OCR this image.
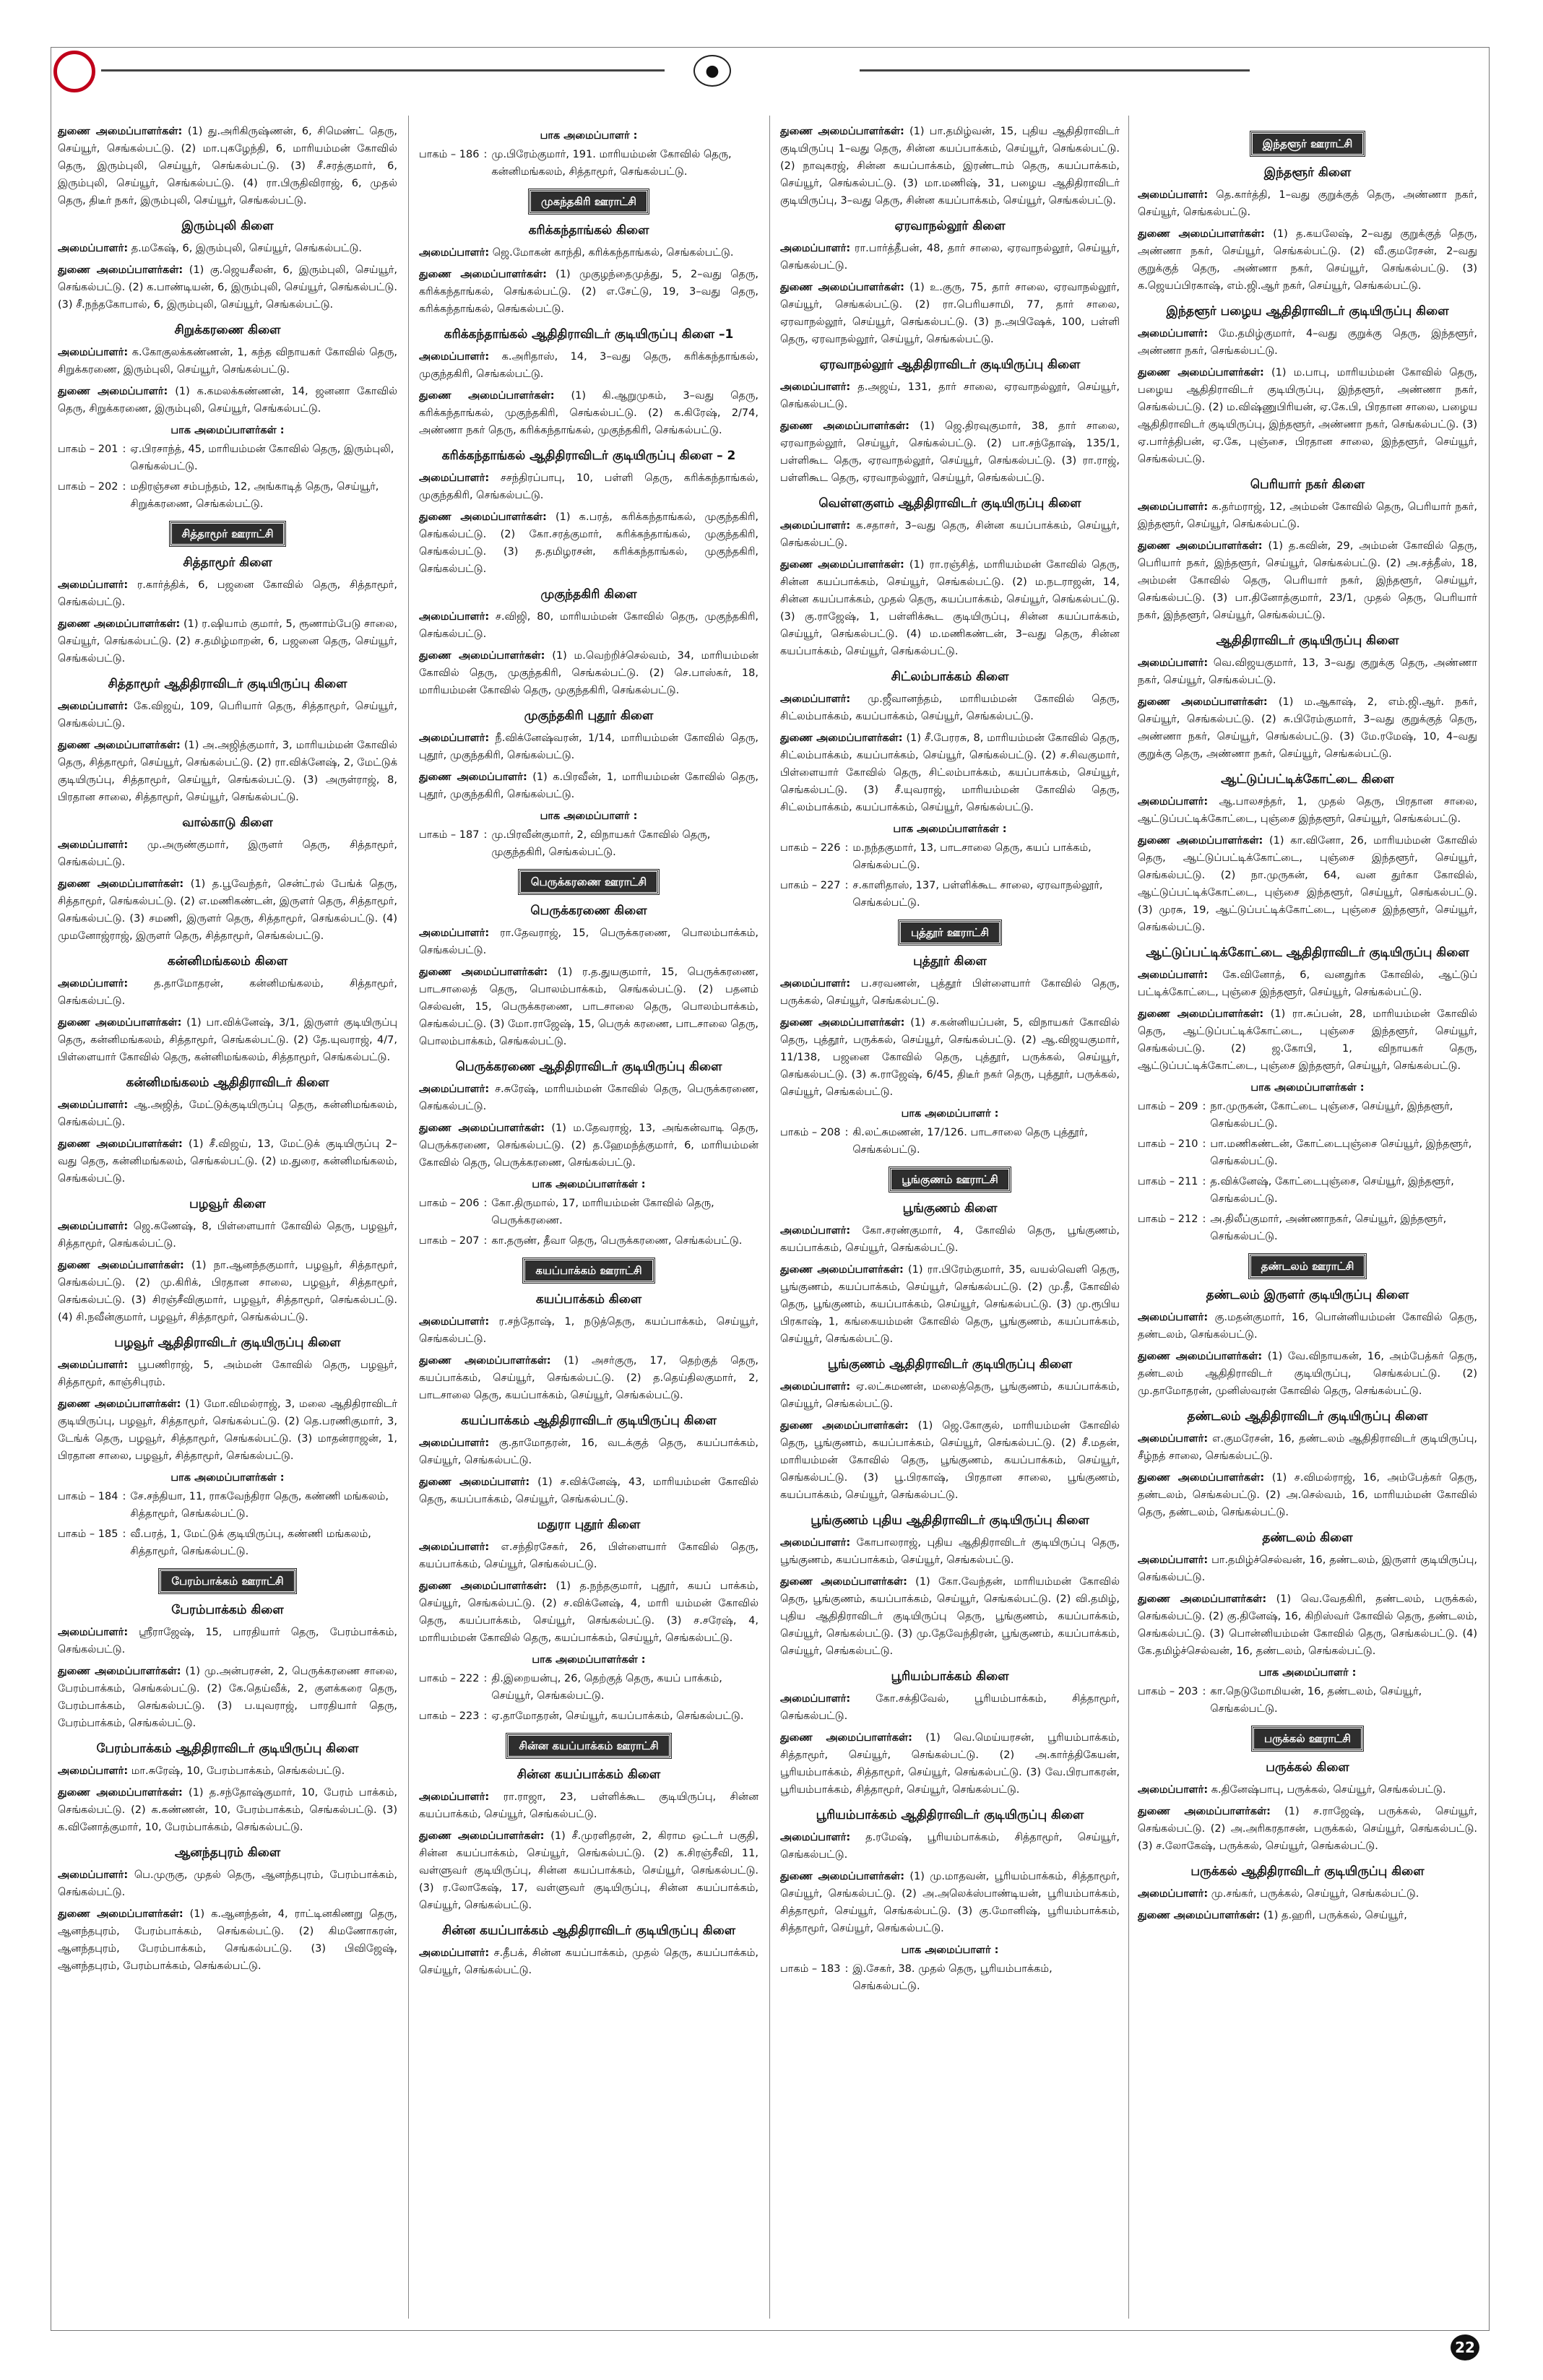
●
துணை அமைப்பாளர்கள்: (1) து.அரிகிருஷ்ணன், 6, சிமெண்ட் தெரு, செய்யூர், செங்கல்பட்டு. (2) மா.புகழேந்தி, 6, மாரியம்மன் கோவில் தெரு, இரும்புலி, செய்யூர், செங்கல்பட்டு. (3) சீ.சரத்குமார், 6, இரும்புலி, செய்யூர், செங்கல்பட்டு. (4) ரா.பிருதிவிராஜ், 6, முதல் தெரு, திடீர் நகர், இரும்புலி, செய்யூர், செங்கல்பட்டு.
இரும்புலி கிளை
அமைப்பாளர்: த.மகேஷ், 6, இரும்புலி, செய்யூர், செங்கல்பட்டு.
துணை அமைப்பாளர்கள்: (1) கு.ஜெயசீலன், 6, இரும்புலி, செய்யூர், செங்கல்பட்டு. (2) க.பாண்டியன், 6, இரும்புலி, செய்யூர், செங்கல்பட்டு. (3) சீ.நந்தகோபால், 6, இரும்புலி, செய்யூர், செங்கல்பட்டு.
சிறுக்கரணை கிளை
அமைப்பாளர்: க.கோகுலக்கண்ணன், 1, கந்த விநாயகர் கோவில் தெரு, சிறுக்கரணை, இரும்புலி, செய்யூர், செங்கல்பட்டு.
துணை அமைப்பாளர்: (1) க.கமலக்கண்ணன், 14, ஜனனா கோவில் தெரு, சிறுக்கரணை, இரும்புலி, செய்யூர், செங்கல்பட்டு.
பாக அமைப்பாளர்கள் :
பாகம் – 201 : ஏ.பிரசாந்த், 45, மாரியம்மன் கோவில் தெரு, இரும்புலி, செங்கல்பட்டு.
பாகம் – 202 : மதிரஞ்சன சம்பந்தம், 12, அங்காடித் தெரு, செய்யூர், சிறுக்கரணை, செங்கல்பட்டு.
சித்தாமூர் ஊராட்சி
சித்தாமூர் கிளை
அமைப்பாளர்: ர.கார்த்திக், 6, பஜனை கோவில் தெரு, சித்தாமூர், செங்கல்பட்டு.
துணை அமைப்பாளர்கள்: (1) ர.ஷியாம் குமார், 5, ரூணாம்பேடு சாலை, செய்யூர், செங்கல்பட்டு. (2) ச.தமிழ்மாறன், 6, பஜனை தெரு, செய்யூர், செங்கல்பட்டு.
சித்தாமூர் ஆதிதிராவிடர் குடியிருப்பு கிளை
அமைப்பாளர்: கே.விஜய், 109, பெரியார் தெரு, சித்தாமூர், செய்யூர், செங்கல்பட்டு.
துணை அமைப்பாளர்கள்: (1) அ.அஜித்குமார், 3, மாரியம்மன் கோவில் தெரு, சித்தாமூர், செய்யூர், செங்கல்பட்டு. (2) ரா.விக்னேஷ், 2, மேட்டுக் குடியிருப்பு, சித்தாமூர், செய்யூர், செங்கல்பட்டு. (3) அருள்ராஜ், 8, பிரதான சாலை, சித்தாமூர், செய்யூர், செங்கல்பட்டு.
வால்காடு கிளை
அமைப்பாளர்: மு.அருண்குமார், இருளர் தெரு, சித்தாமூர், செங்கல்பட்டு.
துணை அமைப்பாளர்கள்: (1) த.பூவேந்தர், சென்ட்ரல் பேங்க் தெரு, சித்தாமூர், செங்கல்பட்டு. (2) எ.மணிகண்டன், இருளர் தெரு, சித்தாமூர், செங்கல்பட்டு. (3) சமணி, இருளர் தெரு, சித்தாமூர், செங்கல்பட்டு. (4) முமனோஜ்ராஜ், இருளர் தெரு, சித்தாமூர், செங்கல்பட்டு.
கன்னிமங்கலம் கிளை
அமைப்பாளர்: த.தாமோதரன், கன்னிமங்கலம், சித்தாமூர், செங்கல்பட்டு.
துணை அமைப்பாளர்கள்: (1) பா.விக்னேஷ், 3/1, இருளர் குடியிருப்பு தெரு, கன்னிமங்கலம், சித்தாமூர், செங்கல்பட்டு. (2) தே.யுவராஜ், 4/7, பிள்ளையார் கோவில் தெரு, கன்னிமங்கலம், சித்தாமூர், செங்கல்பட்டு.
கன்னிமங்கலம் ஆதிதிராவிடர் கிளை
அமைப்பாளர்: ஆ.அஜித், மேட்டுக்குடியிருப்பு தெரு, கன்னிமங்கலம், செங்கல்பட்டு.
துணை அமைப்பாளர்கள்: (1) சீ.விஜய், 13, மேட்டுக் குடியிருப்பு 2–வது தெரு, கன்னிமங்கலம், செங்கல்பட்டு. (2) ம.துரை, கன்னிமங்கலம், செங்கல்பட்டு.
பழவூர் கிளை
அமைப்பாளர்: ஜெ.கணேஷ், 8, பிள்ளையார் கோவில் தெரு, பழவூர், சித்தாமூர், செங்கல்பட்டு.
துணை அமைப்பாளர்கள்: (1) நா.ஆனந்தகுமார், பழவூர், சித்தாமூர், செங்கல்பட்டு. (2) மு.கிரிக், பிரதான சாலை, பழவூர், சித்தாமூர், செங்கல்பட்டு. (3) சிரஞ்சீவிகுமார், பழவூர், சித்தாமூர், செங்கல்பட்டு. (4) சி.நவீன்குமார், பழவூர், சித்தாமூர், செங்கல்பட்டு.
பழவூர் ஆதிதிராவிடர் குடியிருப்பு கிளை
அமைப்பாளர்: பூபணிராஜ், 5, அம்மன் கோவில் தெரு, பழவூர், சித்தாமூர், காஞ்சிபுரம்.
துணை அமைப்பாளர்கள்: (1) மோ.விமல்ராஜ், 3, மலை ஆதிதிராவிடர் குடியிருப்பு, பழவூர், சித்தாமூர், செங்கல்பட்டு. (2) தெ.பரணிகுமார், 3, டேங்க் தெரு, பழவூர், சித்தாமூர், செங்கல்பட்டு. (3) மாதன்ராஜன், 1, பிரதான சாலை, பழவூர், சித்தாமூர், செங்கல்பட்டு.
பாக அமைப்பாளர்கள் :
பாகம் – 184 : சே.சந்தியா, 11, ராகவேந்திரா தெரு, கண்ணி மங்கலம், சித்தாமூர், செங்கல்பட்டு.
பாகம் – 185 : வீ.பரத், 1, மேட்டுக் குடியிருப்பு, கண்ணி மங்கலம், சித்தாமூர், செங்கல்பட்டு.
பேரம்பாக்கம் ஊராட்சி
பேரம்பாக்கம் கிளை
அமைப்பாளர்: ஸ்ரீராஜேஷ், 15, பாரதியார் தெரு, பேரம்பாக்கம், செங்கல்பட்டு.
துணை அமைப்பாளர்கள்: (1) மு.அன்பரசன், 2, பெருக்கரணை சாலை, பேரம்பாக்கம், செங்கல்பட்டு. (2) கே.தெய்வீக், 2, குளக்கரை தெரு, பேரம்பாக்கம், செங்கல்பட்டு. (3) ப.யுவராஜ், பாரதியார் தெரு, பேரம்பாக்கம், செங்கல்பட்டு.
பேரம்பாக்கம் ஆதிதிராவிடர் குடியிருப்பு கிளை
அமைப்பாளர்: மா.சுரேஷ், 10, பேரம்பாக்கம், செங்கல்பட்டு.
துணை அமைப்பாளர்கள்: (1) த.சந்தோஷ்குமார், 10, பேரம் பாக்கம், செங்கல்பட்டு. (2) க.கண்ணன், 10, பேரம்பாக்கம், செங்கல்பட்டு. (3) க.வினோத்குமார், 10, பேரம்பாக்கம், செங்கல்பட்டு.
ஆனந்தபுரம் கிளை
அமைப்பாளர்: பெ.முருகு, முதல் தெரு, ஆனந்தபுரம், பேரம்பாக்கம், செங்கல்பட்டு.
துணை அமைப்பாளர்கள்: (1) க.ஆனந்தன், 4, ராட்டினகிணறு தெரு, ஆனந்தபுரம், பேரம்பாக்கம், செங்கல்பட்டு. (2) கிமணோகரன், ஆனந்தபுரம், பேரம்பாக்கம், செங்கல்பட்டு. (3) பிவிஜேஷ், ஆனந்தபுரம், பேரம்பாக்கம், செங்கல்பட்டு.
பாக அமைப்பாளர் :
பாகம் – 186 : மு.பிரேம்குமார், 191. மாரியம்மன் கோவில் தெரு, கன்னிமங்கலம், சித்தாமூர், செங்கல்பட்டு.
முகந்தகிரி ஊராட்சி
கரிக்கந்தாங்கல் கிளை
அமைப்பாளர்: ஜெ.மோகன் காந்தி, கரிக்கந்தாங்கல், செங்கல்பட்டு.
துணை அமைப்பாளர்கள்: (1) முகுழந்தைமுத்து, 5, 2–வது தெரு, கரிக்கந்தாங்கல், செங்கல்பட்டு. (2) எ.சேட்டு, 19, 3–வது தெரு, கரிக்கந்தாங்கல், செங்கல்பட்டு.
கரிக்கந்தாங்கல் ஆதிதிராவிடர் குடியிருப்பு கிளை –1
அமைப்பாளர்: க.அரிதாஸ், 14, 3–வது தெரு, கரிக்கந்தாங்கல், முகுந்தகிரி, செங்கல்பட்டு.
துணை அமைப்பாளர்கள்: (1) கி.ஆறுமுகம், 3–வது தெரு, கரிக்கந்தாங்கல், முகுந்தகிரி, செங்கல்பட்டு. (2) க.கிரேஷ், 2/74, அண்ணா நகர் தெரு, கரிக்கந்தாங்கல், முகுந்தகிரி, செங்கல்பட்டு.
கரிக்கந்தாங்கல் ஆதிதிராவிடர் குடியிருப்பு கிளை – 2
அமைப்பாளர்: சசந்திரப்பாபு, 10, பள்ளி தெரு, கரிக்கந்தாங்கல், முகுந்தகிரி, செங்கல்பட்டு.
துணை அமைப்பாளர்கள்: (1) க.பரத், கரிக்கந்தாங்கல், முகுந்தகிரி, செங்கல்பட்டு. (2) கோ.சரத்குமார், கரிக்கந்தாங்கல், முகுந்தகிரி, செங்கல்பட்டு. (3) த.தமிழரசன், கரிக்கந்தாங்கல், முகுந்தகிரி, செங்கல்பட்டு.
முகுந்தகிரி கிளை
அமைப்பாளர்: ச.விஜி, 80, மாரியம்மன் கோவில் தெரு, முகுந்தகிரி, செங்கல்பட்டு.
துணை அமைப்பாளர்கள்: (1) ம.வெற்றிச்செல்வம், 34, மாரியம்மன் கோவில் தெரு, முகுந்தகிரி, செங்கல்பட்டு. (2) செ.பாஸ்கர், 18, மாரியம்மன் கோவில் தெரு, முகுந்தகிரி, செங்கல்பட்டு.
முகுந்தகிரி புதூர் கிளை
அமைப்பாளர்: நீ.விக்னேஷ்வரன், 1/14, மாரியம்மன் கோவில் தெரு, புதூர், முகுந்தகிரி, செங்கல்பட்டு.
துணை அமைப்பாளர்: (1) க.பிரவீன், 1, மாரியம்மன் கோவில் தெரு, புதூர், முகுந்தகிரி, செங்கல்பட்டு.
பாக அமைப்பாளர் :
பாகம் – 187 : மு.பிரவீன்குமார், 2, விநாயகர் கோவில் தெரு, முகுந்தகிரி, செங்கல்பட்டு.
பெருக்கரணை ஊராட்சி
பெருக்கரணை கிளை
அமைப்பாளர்: ரா.தேவராஜ், 15, பெருக்கரணை, பொலம்பாக்கம், செங்கல்பட்டு.
துணை அமைப்பாளர்கள்: (1) ர.த.துயகுமார், 15, பெருக்கரணை, பாடசாலைத் தெரு, பொலம்பாக்கம், செங்கல்பட்டு. (2) பதனம் செல்வன், 15, பெருக்கரணை, பாடசாலை தெரு, பொலம்பாக்கம், செங்கல்பட்டு. (3) மோ.ராஜேஷ், 15, பெருக் கரணை, பாடசாலை தெரு, பொலம்பாக்கம், செங்கல்பட்டு.
பெருக்கரணை ஆதிதிராவிடர் குடியிருப்பு கிளை
அமைப்பாளர்: ச.சுரேஷ், மாரியம்மன் கோவில் தெரு, பெருக்கரணை, செங்கல்பட்டு.
துணை அமைப்பாளர்கள்: (1) ம.தேவராஜ், 13, அங்கன்வாடி தெரு, பெருக்கரணை, செங்கல்பட்டு. (2) த.ஹேமந்த்குமார், 6, மாரியம்மன் கோவில் தெரு, பெருக்கரணை, செங்கல்பட்டு.
பாக அமைப்பாளர்கள் :
பாகம் – 206 : கோ.திருமால், 17, மாரியம்மன் கோவில் தெரு, பெருக்கரணை.
பாகம் – 207 : கா.தருண், தீவா தெரு, பெருக்கரணை, செங்கல்பட்டு.
கயப்பாக்கம் ஊராட்சி
கயப்பாக்கம் கிளை
அமைப்பாளர்: ர.சந்தோஷ், 1, நடுத்தெரு, கயப்பாக்கம், செய்யூர், செங்கல்பட்டு.
துணை அமைப்பாளர்கள்: (1) அசர்குரு, 17, தெற்குத் தெரு, கயப்பாக்கம், செய்யூர், செங்கல்பட்டு. (2) த.தெய்திலகுமார், 2, பாடசாலை தெரு, கயப்பாக்கம், செய்யூர், செங்கல்பட்டு.
கயப்பாக்கம் ஆதிதிராவிடர் குடியிருப்பு கிளை
அமைப்பாளர்: கு.தாமோதரன், 16, வடக்குத் தெரு, கயப்பாக்கம், செய்யூர், செங்கல்பட்டு.
துணை அமைப்பாளர்: (1) ச.விக்னேஷ், 43, மாரியம்மன் கோவில் தெரு, கயப்பாக்கம், செய்யூர், செங்கல்பட்டு.
மதுரா புதூர் கிளை
அமைப்பாளர்: எ.சந்திரசேகர், 26, பிள்ளையார் கோவில் தெரு, கயப்பாக்கம், செய்யூர், செங்கல்பட்டு.
துணை அமைப்பாளர்கள்: (1) த.நந்தகுமார், புதூர், கயப் பாக்கம், செய்யூர், செங்கல்பட்டு. (2) ச.விக்னேஷ், 4, மாரி யம்மன் கோவில் தெரு, கயப்பாக்கம், செய்யூர், செங்கல்பட்டு. (3) ச.சரேஷ், 4, மாரியம்மன் கோவில் தெரு, கயப்பாக்கம், செய்யூர், செங்கல்பட்டு.
பாக அமைப்பாளர்கள் :
பாகம் – 222 : தி.இறையன்பு, 26, தெற்குத் தெரு, கயப் பாக்கம், செய்யூர், செங்கல்பட்டு.
பாகம் – 223 : ஏ.தாமோதரன், செய்யூர், கயப்பாக்கம், செங்கல்பட்டு.
சின்ன கயப்பாக்கம் ஊராட்சி
சின்ன கயப்பாக்கம் கிளை
அமைப்பாளர்: ரா.ராஜா, 23, பள்ளிக்கூட குடியிருப்பு, சின்ன கயப்பாக்கம், செய்யூர், செங்கல்பட்டு.
துணை அமைப்பாளர்கள்: (1) சீ.முரளிதரன், 2, கிராம ஒட்டர் பகுதி, சின்ன கயப்பாக்கம், செய்யூர், செங்கல்பட்டு. (2) க.சிரஞ்சீவி, 11, வள்ளுவர் குடியிருப்பு, சின்ன கயப்பாக்கம், செய்யூர், செங்கல்பட்டு. (3) ர.லோகேஷ், 17, வள்ளுவர் குடியிருப்பு, சின்ன கயப்பாக்கம், செய்யூர், செங்கல்பட்டு.
சின்ன கயப்பாக்கம் ஆதிதிராவிடர் குடியிருப்பு கிளை
அமைப்பாளர்: ச.தீபக், சின்ன கயப்பாக்கம், முதல் தெரு, கயப்பாக்கம், செய்யூர், செங்கல்பட்டு.
துணை அமைப்பாளர்கள்: (1) பா.தமிழ்வன், 15, புதிய ஆதிதிராவிடர் குடியிருப்பு 1–வது தெரு, சின்ன கயப்பாக்கம், செய்யூர், செங்கல்பட்டு. (2) நாவுகரஜ், சின்ன கயப்பாக்கம், இரண்டாம் தெரு, கயப்பாக்கம், செய்யூர், செங்கல்பட்டு. (3) மா.மணிஷ், 31, பழைய ஆதிதிராவிடர் குடியிருப்பு, 3–வது தெரு, சின்ன கயப்பாக்கம், செய்யூர், செங்கல்பட்டு.
ஏரவாநல்லூர் கிளை
அமைப்பாளர்: ரா.பார்த்தீபன், 48, தார் சாலை, ஏரவாநல்லூர், செய்யூர், செங்கல்பட்டு.
துணை அமைப்பாளர்கள்: (1) உ.குரு, 75, தார் சாலை, ஏரவாநல்லூர், செய்யூர், செங்கல்பட்டு. (2) ரா.பெரியசாமி, 77, தார் சாலை, ஏரவாநல்லூர், செய்யூர், செங்கல்பட்டு. (3) ந.அபிஷேக், 100, பள்ளி தெரு, ஏரவாநல்லூர், செய்யூர், செங்கல்பட்டு.
ஏரவாநல்லூர் ஆதிதிராவிடர் குடியிருப்பு கிளை
அமைப்பாளர்: த.அஜய், 131, தார் சாலை, ஏரவாநல்லூர், செய்யூர், செங்கல்பட்டு.
துணை அமைப்பாளர்கள்: (1) ஜெ.திரவுகுமார், 38, தார் சாலை, ஏரவாநல்லூர், செய்யூர், செங்கல்பட்டு. (2) பா.சந்தோஷ், 135/1, பள்ளிகூட தெரு, ஏரவாநல்லூர், செய்யூர், செங்கல்பட்டு. (3) ரா.ராஜ், பள்ளிகூட தெரு, ஏரவாநல்லூர், செய்யூர், செங்கல்பட்டு.
வெள்ளகுளம் ஆதிதிராவிடர் குடியிருப்பு கிளை
அமைப்பாளர்: க.சதாசர், 3–வது தெரு, சின்ன கயப்பாக்கம், செய்யூர், செங்கல்பட்டு.
துணை அமைப்பாளர்கள்: (1) ரா.ரஞ்சித், மாரியம்மன் கோவில் தெரு, சின்ன கயப்பாக்கம், செய்யூர், செங்கல்பட்டு. (2) ம.நடராஜன், 14, சின்ன கயப்பாக்கம், முதல் தெரு, கயப்பாக்கம், செய்யூர், செங்கல்பட்டு. (3) கு.ராஜேஷ், 1, பள்ளிக்கூட குடியிருப்பு, சின்ன கயப்பாக்கம், செய்யூர், செங்கல்பட்டு. (4) ம.மணிகண்டன், 3–வது தெரு, சின்ன கயப்பாக்கம், செய்யூர், செங்கல்பட்டு.
சிட்லம்பாக்கம் கிளை
அமைப்பாளர்: மு.ஜீவானந்தம், மாரியம்மன் கோவில் தெரு, சிட்லம்பாக்கம், கயப்பாக்கம், செய்யூர், செங்கல்பட்டு.
துணை அமைப்பாளர்கள்: (1) சீ.பேரரசு, 8, மாரியம்மன் கோவில் தெரு, சிட்லம்பாக்கம், கயப்பாக்கம், செய்யூர், செங்கல்பட்டு. (2) ச.சிவகுமார், பிள்ளையார் கோவில் தெரு, சிட்லம்பாக்கம், கயப்பாக்கம், செய்யூர், செங்கல்பட்டு. (3) சீ.யுவராஜ், மாரியம்மன் கோவில் தெரு, சிட்லம்பாக்கம், கயப்பாக்கம், செய்யூர், செங்கல்பட்டு.
பாக அமைப்பாளர்கள் :
பாகம் – 226 : ம.நந்தகுமார், 13, பாடசாலை தெரு, கயப் பாக்கம், செங்கல்பட்டு.
பாகம் – 227 : ச.காளிதாஸ், 137, பள்ளிக்கூட சாலை, ஏரவாநல்லூர், செங்கல்பட்டு.
புத்தூர் ஊராட்சி
புத்தூர் கிளை
அமைப்பாளர்: ப.சரவணன், புத்தூர் பிள்ளையார் கோவில் தெரு, பருக்கல், செய்யூர், செங்கல்பட்டு.
துணை அமைப்பாளர்கள்: (1) ச.கன்னியப்பன், 5, விநாயகர் கோவில் தெரு, புத்தூர், பருக்கல், செய்யூர், செங்கல்பட்டு. (2) ஆ.விஜயகுமார், 11/138, பஜனை கோவில் தெரு, புத்தூர், பருக்கல், செய்யூர், செங்கல்பட்டு. (3) சு.ராஜேஷ், 6/45, திடீர் நகர் தெரு, புத்தூர், பருக்கல், செய்யூர், செங்கல்பட்டு.
பாக அமைப்பாளர் :
பாகம் – 208 : கி.லட்சுமணன், 17/126. பாடசாலை தெரு புத்தூர், செங்கல்பட்டு.
பூங்குணம் ஊராட்சி
பூங்குணம் கிளை
அமைப்பாளர்: கோ.சரண்குமார், 4, கோவில் தெரு, பூங்குணம், கயப்பாக்கம், செய்யூர், செங்கல்பட்டு.
துணை அமைப்பாளர்கள்: (1) ரா.பிரேம்குமார், 35, வயல்வெளி தெரு, பூங்குணம், கயப்பாக்கம், செய்யூர், செங்கல்பட்டு. (2) மு.தீ, கோவில் தெரு, பூங்குணம், கயப்பாக்கம், செய்யூர், செங்கல்பட்டு. (3) மு.ரூபிய பிரகாஷ், 1, கங்கையம்மன் கோவில் தெரு, பூங்குணம், கயப்பாக்கம், செய்யூர், செங்கல்பட்டு.
பூங்குணம் ஆதிதிராவிடர் குடியிருப்பு கிளை
அமைப்பாளர்: ஏ.லட்சுமணன், மலைத்தெரு, பூங்குணம், கயப்பாக்கம், செய்யூர், செங்கல்பட்டு.
துணை அமைப்பாளர்கள்: (1) ஜெ.கோகுல், மாரியம்மன் கோவில் தெரு, பூங்குணம், கயப்பாக்கம், செய்யூர், செங்கல்பட்டு. (2) சீ.மதன், மாரியம்மன் கோவில் தெரு, பூங்குணம், கயப்பாக்கம், செய்யூர், செங்கல்பட்டு. (3) பூ.பிரகாஷ், பிரதான சாலை, பூங்குணம், கயப்பாக்கம், செய்யூர், செங்கல்பட்டு.
பூங்குணம் புதிய ஆதிதிராவிடர் குடியிருப்பு கிளை
அமைப்பாளர்: கோபாலராஜ், புதிய ஆதிதிராவிடர் குடியிருப்பு தெரு, பூங்குணம், கயப்பாக்கம், செய்யூர், செங்கல்பட்டு.
துணை அமைப்பாளர்கள்: (1) கோ.வேந்தன், மாரியம்மன் கோவில் தெரு, பூங்குணம், கயப்பாக்கம், செய்யூர், செங்கல்பட்டு. (2) வி.தமிழ், புதிய ஆதிதிராவிடர் குடியிருப்பு தெரு, பூங்குணம், கயப்பாக்கம், செய்யூர், செங்கல்பட்டு. (3) மு.தேவேந்திரன், பூங்குணம், கயப்பாக்கம், செய்யூர், செங்கல்பட்டு.
பூரியம்பாக்கம் கிளை
அமைப்பாளர்: கோ.சக்திவேல், பூரியம்பாக்கம், சித்தாமூர், செங்கல்பட்டு.
துணை அமைப்பாளர்கள்: (1) வெ.மெய்யரசன், பூரியம்பாக்கம், சித்தாமூர், செய்யூர், செங்கல்பட்டு. (2) அ.கார்த்திகேயன், பூரியம்பாக்கம், சித்தாமூர், செய்யூர், செங்கல்பட்டு. (3) வே.பிரபாகரன், பூரியம்பாக்கம், சித்தாமூர், செய்யூர், செங்கல்பட்டு.
பூரியம்பாக்கம் ஆதிதிராவிடர் குடியிருப்பு கிளை
அமைப்பாளர்: த.ரமேஷ், பூரியம்பாக்கம், சித்தாமூர், செய்யூர், செங்கல்பட்டு.
துணை அமைப்பாளர்கள்: (1) மு.மாதவன், பூரியம்பாக்கம், சித்தாமூர், செய்யூர், செங்கல்பட்டு. (2) அ.அலெக்ஸ்பாண்டியன், பூரியம்பாக்கம், சித்தாமூர், செய்யூர், செங்கல்பட்டு. (3) கு.மோனிஷ், பூரியம்பாக்கம், சித்தாமூர், செய்யூர், செங்கல்பட்டு.
பாக அமைப்பாளர் :
பாகம் – 183 : இ.சேகர், 38. முதல் தெரு, பூரியம்பாக்கம், செங்கல்பட்டு.
இந்தளூர் ஊராட்சி
இந்தளூர் கிளை
அமைப்பாளர்: தெ.கார்த்தி, 1–வது குறுக்குத் தெரு, அண்ணா நகர், செய்யூர், செங்கல்பட்டு.
துணை அமைப்பாளர்கள்: (1) த.கயலேஷ், 2–வது குறுக்குத் தெரு, அண்ணா நகர், செய்யூர், செங்கல்பட்டு. (2) வீ.குமரேசன், 2–வது குறுக்குத் தெரு, அண்ணா நகர், செய்யூர், செங்கல்பட்டு. (3) க.ஜெயப்பிரகாஷ், எம்.ஜி.ஆர் நகர், செய்யூர், செங்கல்பட்டு.
இந்தளூர் பழைய ஆதிதிராவிடர் குடியிருப்பு கிளை
அமைப்பாளர்: மே.தமிழ்குமார், 4–வது குறுக்கு தெரு, இந்தளூர், அண்ணா நகர், செங்கல்பட்டு.
துணை அமைப்பாளர்கள்: (1) ம.பாபு, மாரியம்மன் கோவில் தெரு, பழைய ஆதிதிராவிடர் குடியிருப்பு, இந்தளூர், அண்ணா நகர், செங்கல்பட்டு. (2) ம.விஷ்ணுபிரியன், ஏ.கே.பி, பிரதான சாலை, பழைய ஆதிதிராவிடர் குடியிருப்பு, இந்தளூர், அண்ணா நகர், செங்கல்பட்டு. (3) ஏ.பார்த்திபன், ஏ.கே, புஞ்சை, பிரதான சாலை, இந்தளூர், செய்யூர், செங்கல்பட்டு.
பெரியார் நகர் கிளை
அமைப்பாளர்: க.தர்மராஜ், 12, அம்மன் கோவில் தெரு, பெரியார் நகர், இந்தளூர், செய்யூர், செங்கல்பட்டு.
துணை அமைப்பாளர்கள்: (1) த.கவின், 29, அம்மன் கோவில் தெரு, பெரியார் நகர், இந்தளூர், செய்யூர், செங்கல்பட்டு. (2) அ.சத்தீஸ், 18, அம்மன் கோவில் தெரு, பெரியார் நகர், இந்தளூர், செய்யூர், செங்கல்பட்டு. (3) பா.தினோத்குமார், 23/1, முதல் தெரு, பெரியார் நகர், இந்தளூர், செய்யூர், செங்கல்பட்டு.
ஆதிதிராவிடர் குடியிருப்பு கிளை
அமைப்பாளர்: வெ.விஜயகுமார், 13, 3–வது குறுக்கு தெரு, அண்ணா நகர், செய்யூர், செங்கல்பட்டு.
துணை அமைப்பாளர்கள்: (1) ம.ஆகாஷ், 2, எம்.ஜி.ஆர். நகர், செய்யூர், செங்கல்பட்டு. (2) சு.பிரேம்குமார், 3–வது குறுக்குத் தெரு, அண்ணா நகர், செய்யூர், செங்கல்பட்டு. (3) மே.ரமேஷ், 10, 4–வது குறுக்கு தெரு, அண்ணா நகர், செய்யூர், செங்கல்பட்டு.
ஆட்டுப்பட்டிக்கோட்டை கிளை
அமைப்பாளர்: ஆ.பாலசந்தர், 1, முதல் தெரு, பிரதான சாலை, ஆட்டுப்பட்டிக்கோட்டை, புஞ்சை இந்தளூர், செய்யூர், செங்கல்பட்டு.
துணை அமைப்பாளர்கள்: (1) கா.வினோ, 26, மாரியம்மன் கோவில் தெரு, ஆட்டுப்பட்டிக்கோட்டை, புஞ்சை இந்தளூர், செய்யூர், செங்கல்பட்டு. (2) நா.முருகன், 64, வன துர்கா கோவில், ஆட்டுப்பட்டிக்கோட்டை, புஞ்சை இந்தளூர், செய்யூர், செங்கல்பட்டு. (3) முரசு, 19, ஆட்டுப்பட்டிக்கோட்டை, புஞ்சை இந்தளூர், செய்யூர், செங்கல்பட்டு.
ஆட்டுப்பட்டிக்கோட்டை ஆதிதிராவிடர் குடியிருப்பு கிளை
அமைப்பாளர்: கே.வினோத், 6, வனதுர்க கோவில், ஆட்டுப் பட்டிக்கோட்டை, புஞ்சை இந்தளூர், செய்யூர், செங்கல்பட்டு.
துணை அமைப்பாளர்கள்: (1) ரா.சுப்பன், 28, மாரியம்மன் கோவில் தெரு, ஆட்டுப்பட்டிக்கோட்டை, புஞ்சை இந்தளூர், செய்யூர், செங்கல்பட்டு. (2) ஜ.கோபி, 1, விநாயகர் தெரு, ஆட்டுப்பட்டிக்கோட்டை, புஞ்சை இந்தளூர், செய்யூர், செங்கல்பட்டு.
பாக அமைப்பாளர்கள் :
பாகம் – 209 : நா.முருகன், கோட்டை புஞ்சை, செய்யூர், இந்தளூர், செங்கல்பட்டு.
பாகம் – 210 : பா.மணிகண்டன், கோட்டைபுஞ்சை செய்யூர், இந்தளூர், செங்கல்பட்டு.
பாகம் – 211 : த.விக்னேஷ், கோட்டைபுஞ்சை, செய்யூர், இந்தளூர், செங்கல்பட்டு.
பாகம் – 212 : அ.திலீப்குமார், அண்ணாநகர், செய்யூர், இந்தளூர், செங்கல்பட்டு.
தண்டலம் ஊராட்சி
தண்டலம் இருளர் குடியிருப்பு கிளை
அமைப்பாளர்: கு.மதன்குமார், 16, பொன்னியம்மன் கோவில் தெரு, தண்டலம், செங்கல்பட்டு.
துணை அமைப்பாளர்கள்: (1) வே.விநாயகன், 16, அம்பேத்கர் தெரு, தண்டலம் ஆதிதிராவிடர் குடியிருப்பு, செங்கல்பட்டு. (2) மு.தாமோதரன், முனிஸ்வரன் கோவில் தெரு, செங்கல்பட்டு.
தண்டலம் ஆதிதிராவிடர் குடியிருப்பு கிளை
அமைப்பாளர்: எ.குமரேசன், 16, தண்டலம் ஆதிதிராவிடர் குடியிருப்பு, சீழ்நத் சாலை, செங்கல்பட்டு.
துணை அமைப்பாளர்கள்: (1) ச.விமல்ராஜ், 16, அம்பேத்கர் தெரு, தண்டலம், செங்கல்பட்டு. (2) அ.செல்வம், 16, மாரியம்மன் கோவில் தெரு, தண்டலம், செங்கல்பட்டு.
தண்டலம் கிளை
அமைப்பாளர்: பா.தமிழ்ச்செல்வன், 16, தண்டலம், இருளர் குடியிருப்பு, செங்கல்பட்டு.
துணை அமைப்பாளர்கள்: (1) வெ.வேதகிரி, தண்டலம், பருக்கல், செங்கல்பட்டு. (2) கு.தினேஷ், 16, கிறிஸ்வர் கோவில் தெரு, தண்டலம், செங்கல்பட்டு. (3) பொன்னியம்மன் கோவில் தெரு, செங்கல்பட்டு. (4) கே.தமிழ்ச்செல்வன், 16, தண்டலம், செங்கல்பட்டு.
பாக அமைப்பாளர் :
பாகம் – 203 : கா.நெடுமோமியன், 16, தண்டலம், செய்யூர், செங்கல்பட்டு.
பருக்கல் ஊராட்சி
பருக்கல் கிளை
அமைப்பாளர்: க.தினேஷ்பாபு, பருக்கல், செய்யூர், செங்கல்பட்டு.
துணை அமைப்பாளர்கள்: (1) ச.ராஜேஷ், பருக்கல், செய்யூர், செங்கல்பட்டு. (2) அ.அரிகரதாசன், பருக்கல், செய்யூர், செங்கல்பட்டு. (3) ச.லோகேஷ், பருக்கல், செய்யூர், செங்கல்பட்டு.
பருக்கல் ஆதிதிராவிடர் குடியிருப்பு கிளை
அமைப்பாளர்: மு.சங்கர், பருக்கல், செய்யூர், செங்கல்பட்டு.
துணை அமைப்பாளர்கள்: (1) த.ஹரி, பருக்கல், செய்யூர்,
22
